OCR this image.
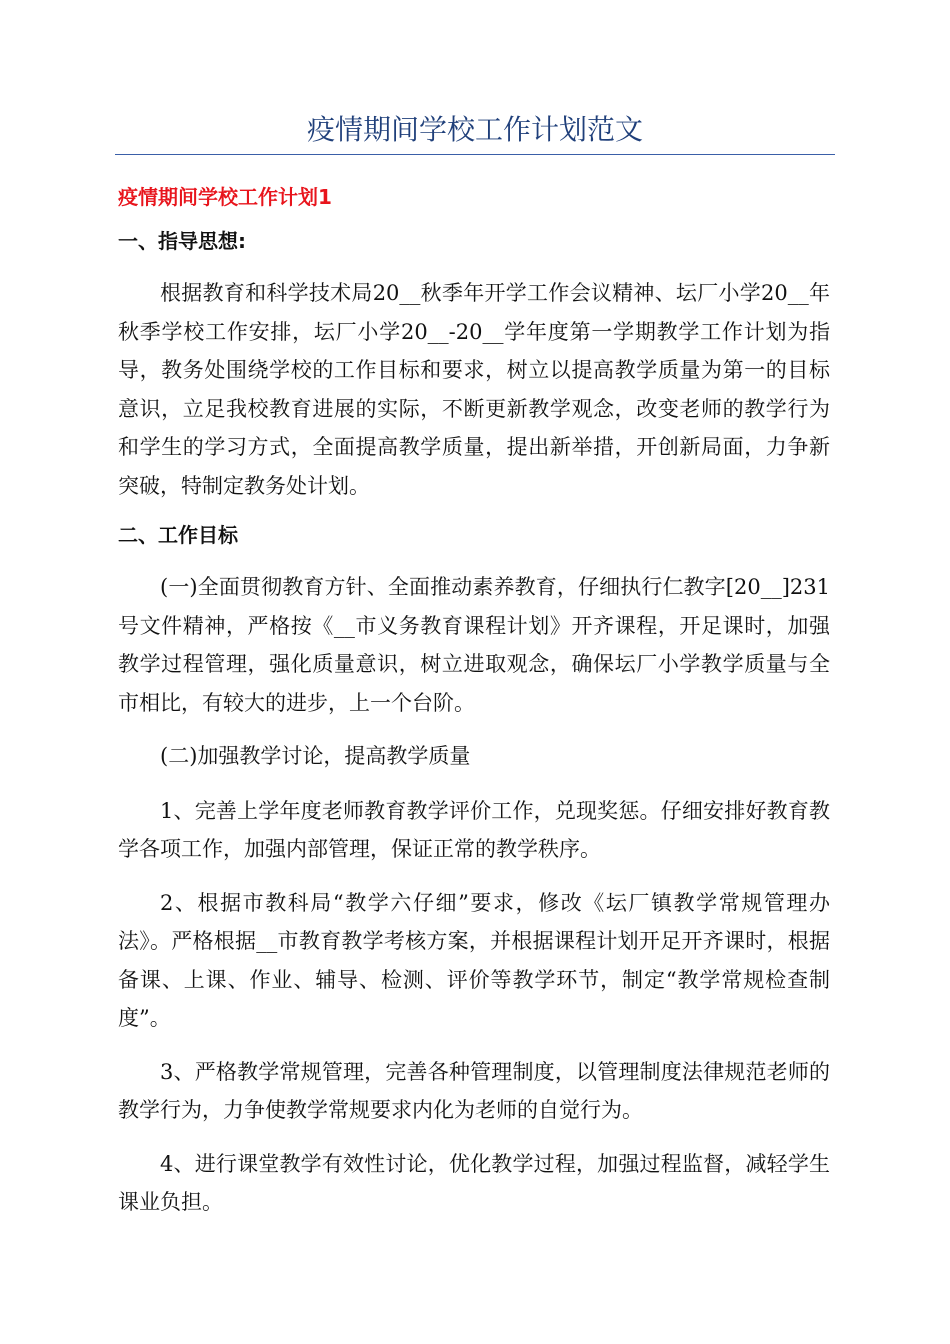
疫情期间学校工作计划范文
疫情期间学校工作计划1
一、指导思想:
根据教育和科学技术局20__秋季年开学工作会议精神、坛厂小学20__年秋季学校工作安排，坛厂小学20__-20__学年度第一学期教学工作计划为指导，教务处围绕学校的工作目标和要求，树立以提高教学质量为第一的目标意识，立足我校教育进展的实际，不断更新教学观念，改变老师的教学行为和学生的学习方式，全面提高教学质量，提出新举措，开创新局面，力争新突破，特制定教务处计划。
二、工作目标
(一)全面贯彻教育方针、全面推动素养教育，仔细执行仁教字[20__]231号文件精神，严格按《__市义务教育课程计划》开齐课程，开足课时，加强教学过程管理，强化质量意识，树立进取观念，确保坛厂小学教学质量与全市相比，有较大的进步，上一个台阶。
(二)加强教学讨论，提高教学质量
1、完善上学年度老师教育教学评价工作，兑现奖惩。仔细安排好教育教学各项工作，加强内部管理，保证正常的教学秩序。
2、根据市教科局“教学六仔细”要求，修改《坛厂镇教学常规管理办法》。严格根据__市教育教学考核方案，并根据课程计划开足开齐课时，根据备课、上课、作业、辅导、检测、评价等教学环节，制定“教学常规检查制度”。
3、严格教学常规管理，完善各种管理制度，以管理制度法律规范老师的教学行为，力争使教学常规要求内化为老师的自觉行为。
4、进行课堂教学有效性讨论，优化教学过程，加强过程监督，减轻学生课业负担。
